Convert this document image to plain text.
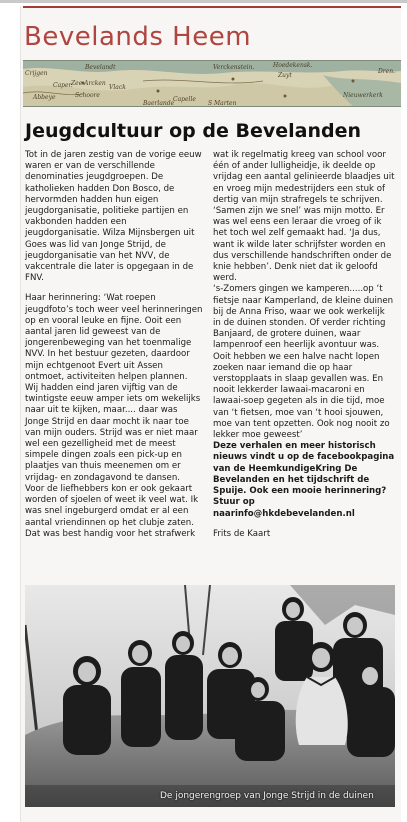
Bevelands Heem
Crijgen
Bevelandt
Caper.
Verckenstein.	Hoedekensk.
Zuyt
Dren.
Abbeye	Schoore
Capelle
Nieuwerkerk
S Marten
Baerlande
Zee Arcken
Vlack
Jeugdcultuur op de Bevelanden

Tot in de jaren zestig van de vorige eeuw waren er van de verschillende denominaties jeugdgroepen. De katholieken hadden Don Bosco, de hervormden hadden hun eigen jeugdorganisatie, politieke partijen en vakbonden hadden een jeugdorganisatie. Wilza Mijnsbergen uit Goes was lid van Jonge Strijd, de jeugdorganisatie van het NVV, de vakcentrale die later is opgegaan in de FNV.

Haar herinnering: ‘Wat roepen jeugdfoto’s toch weer veel herinneringen op en vooral leuke en fijne. Ooit een aantal jaren lid geweest van de jongerenbeweging van het toenmalige NVV. In het bestuur gezeten, daardoor mijn echtgenoot Evert uit Assen ontmoet, activiteiten helpen plannen. Wij hadden eind jaren vijftig van de twintigste eeuw amper iets om wekelijks naar uit te kijken, maar.... daar was Jonge Strijd en daar mocht ik naar toe van mijn ouders. Strijd was er niet maar wel een gezelligheid met de meest simpele dingen zoals een pick-up en plaatjes van thuis meenemen om er vrijdag- en zondagavond te dansen.
Voor de liefhebbers kon er ook gekaart worden of sjoelen of weet ik veel wat. Ik was snel ingeburgerd omdat er al een aantal vriendinnen op het clubje zaten. Dat was best handig voor het strafwerk

wat ik regelmatig kreeg van school voor één of ander lulligheidje, ik deelde op vrijdag een aantal gelinieerde blaadjes uit en vroeg mijn medestrijders een stuk of dertig van mijn strafregels te schrijven. ‘Samen zijn we snel’ was mijn motto. Er was wel eens een leraar die vroeg of ik het toch wel zelf gemaakt had. ‘Ja dus, want ik wilde later schrijfster worden en dus verschillende handschriften onder de knie hebben’. Denk niet dat ik geloofd werd.
‘s-Zomers gingen we kamperen.....op ‘t fietsje naar Kamperland, de kleine duinen bij de Anna Friso, waar we ook werkelijk in de duinen stonden. Of verder richting Banjaard, de grotere duinen, waar lampenroof een heerlijk avontuur was. Ooit hebben we een halve nacht lopen zoeken naar iemand die op haar verstopplaats in slaap gevallen was. En nooit lekkerder lawaai-macaroni en lawaai-soep gegeten als in die tijd, moe van ‘t fietsen, moe van ‘t hooi sjouwen, moe van tent opzetten. Ook nog nooit zo lekker moe geweest’

Deze verhalen en meer historisch nieuws vindt u op de facebookpagina van de HeemkundigeKring De Bevelanden en het tijdschrift de Spuije. Ook een mooie herinnering? Stuur op naarinfo@hkdebevelanden.nl

Frits de Kaart

De jongerengroep van Jonge Strijd in de duinen
